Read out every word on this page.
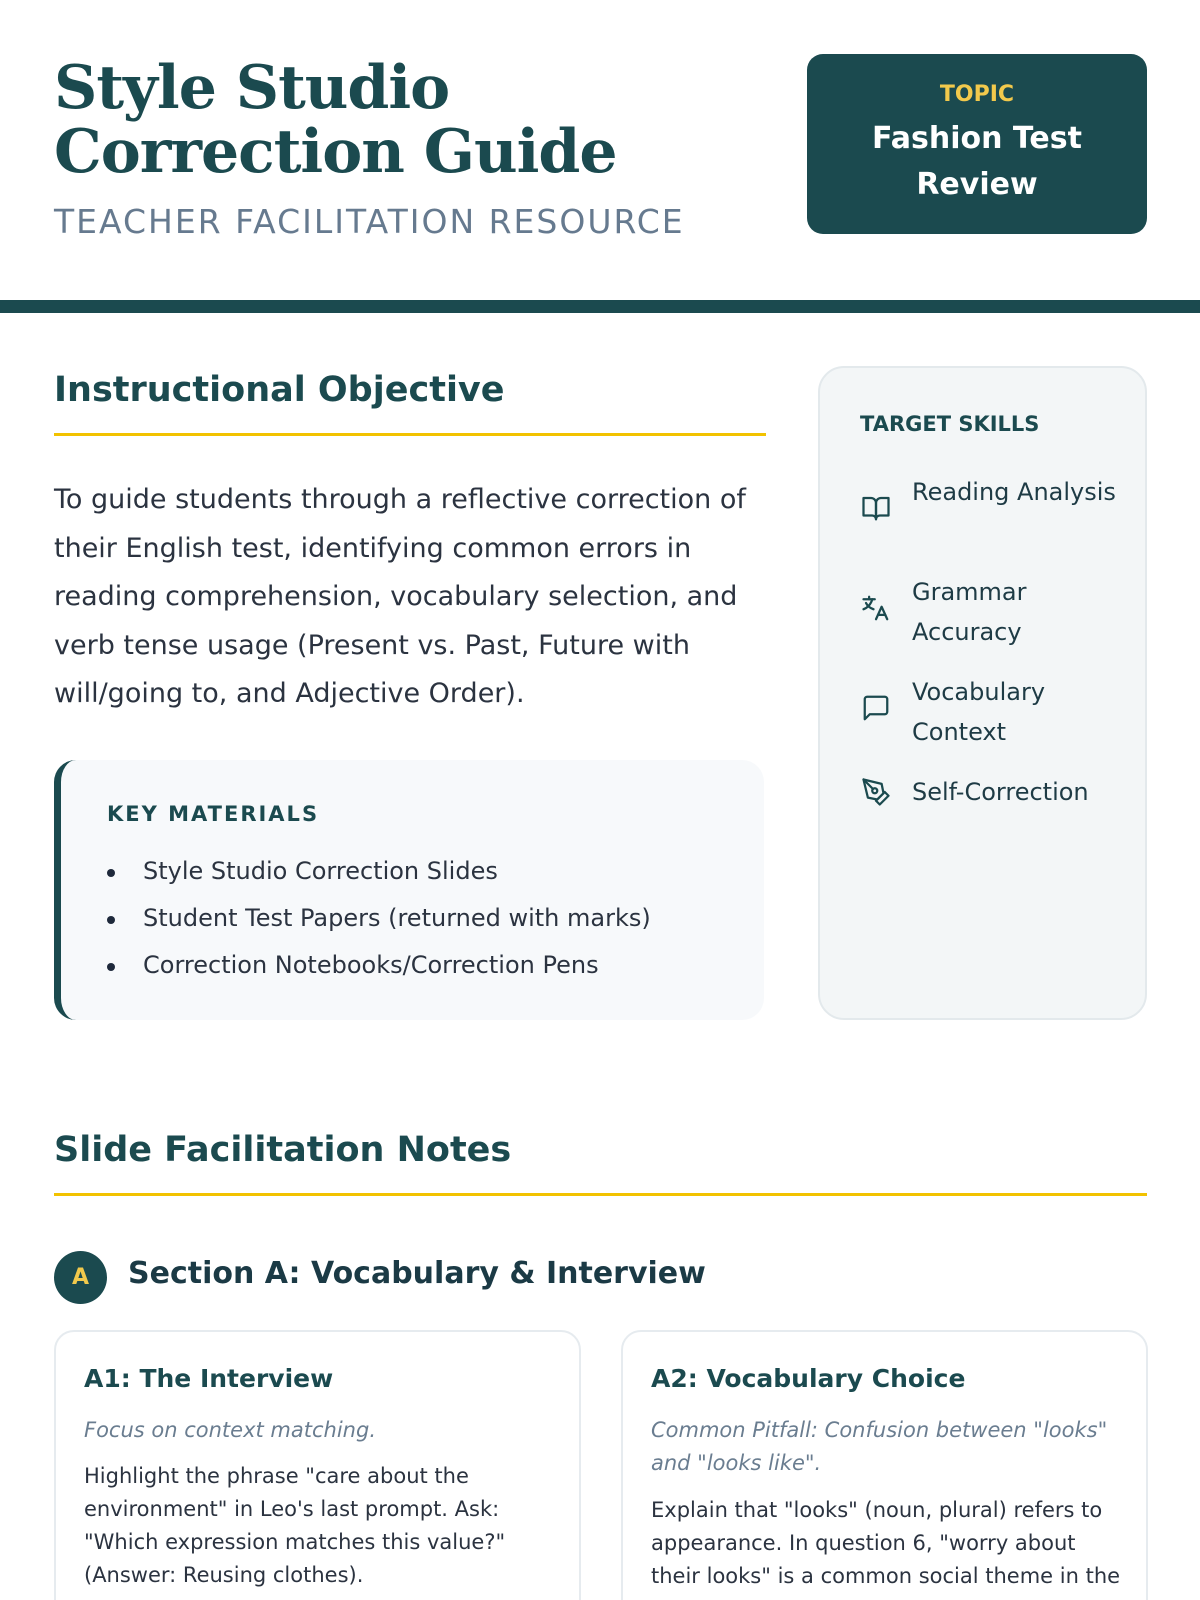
Style Studio Correction Guide
TEACHER FACILITATION RESOURCE
TOPIC
Fashion Test Review
Instructional Objective

To guide students through a reflective correction of their English test, identifying common errors in reading comprehension, vocabulary selection, and verb tense usage (Present vs. Past, Future with will/going to, and Adjective Order).

KEY MATERIALS
Style Studio Correction Slides
Student Test Papers (returned with marks)
Correction Notebooks/Correction Pens
TARGET SKILLS
Reading Analysis
Grammar Accuracy
Vocabulary Context
Self-Correction
Slide Facilitation Notes
A	Section A: Vocabulary & Interview
A1: The Interview
Focus on context matching.
Highlight the phrase "care about the environment" in Leo's last prompt. Ask: "Which expression matches this value?" (Answer: Reusing clothes).
A2: Vocabulary Choice
Common Pitfall: Confusion between "looks" and "looks like".
Explain that "looks" (noun, plural) refers to appearance. In question 6, "worry about their looks" is a common social theme in the
